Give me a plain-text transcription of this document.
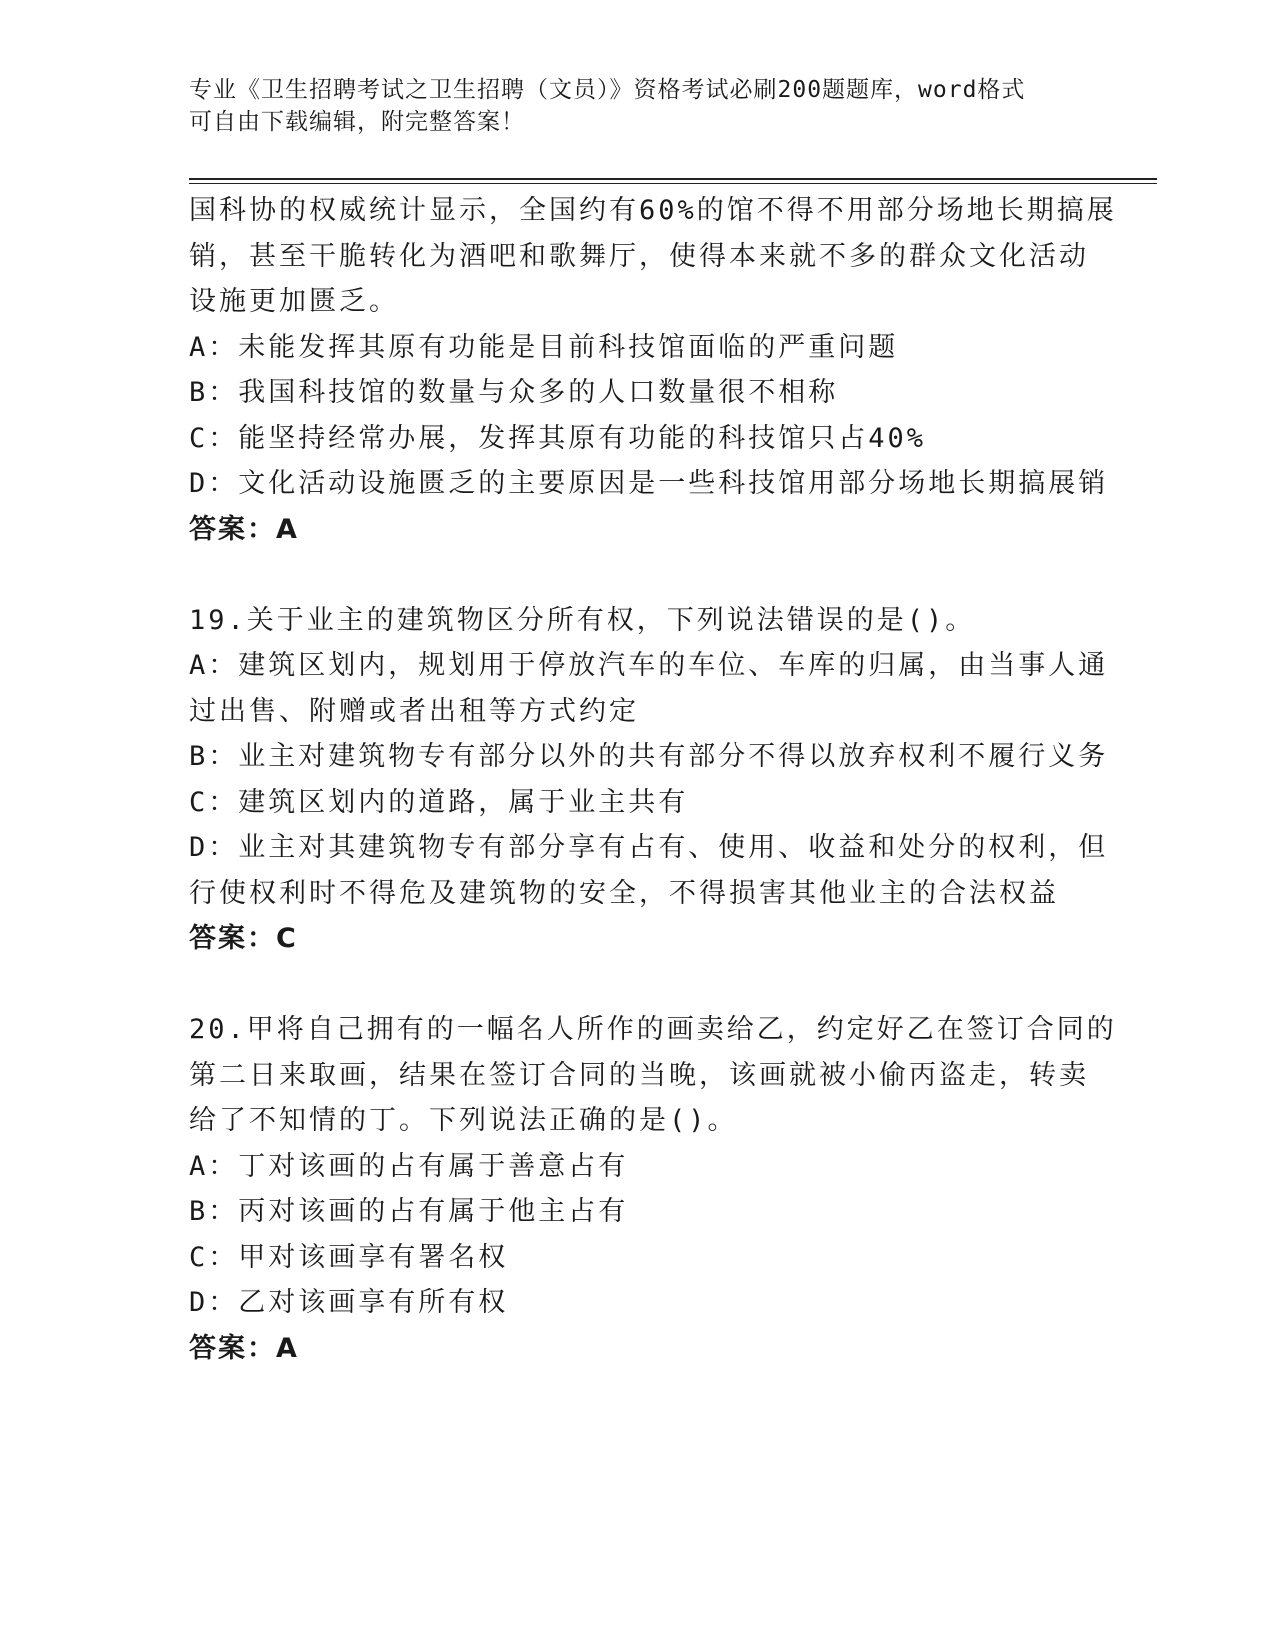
专业《卫生招聘考试之卫生招聘（文员）》资格考试必刷200题题库，word格式
可自由下载编辑，附完整答案！
国科协的权威统计显示，全国约有60%的馆不得不用部分场地长期搞展
销，甚至干脆转化为酒吧和歌舞厅，使得本来就不多的群众文化活动
设施更加匮乏。
A：未能发挥其原有功能是目前科技馆面临的严重问题
B：我国科技馆的数量与众多的人口数量很不相称
C：能坚持经常办展，发挥其原有功能的科技馆只占40%
D：文化活动设施匮乏的主要原因是一些科技馆用部分场地长期搞展销
答案：A
19.关于业主的建筑物区分所有权，下列说法错误的是()。
A：建筑区划内，规划用于停放汽车的车位、车库的归属，由当事人通
过出售、附赠或者出租等方式约定
B：业主对建筑物专有部分以外的共有部分不得以放弃权利不履行义务
C：建筑区划内的道路，属于业主共有
D：业主对其建筑物专有部分享有占有、使用、收益和处分的权利，但
行使权利时不得危及建筑物的安全，不得损害其他业主的合法权益
答案：C
20.甲将自己拥有的一幅名人所作的画卖给乙，约定好乙在签订合同的
第二日来取画，结果在签订合同的当晚，该画就被小偷丙盗走，转卖
给了不知情的丁。下列说法正确的是()。
A：丁对该画的占有属于善意占有
B：丙对该画的占有属于他主占有
C：甲对该画享有署名权
D：乙对该画享有所有权
答案：A
